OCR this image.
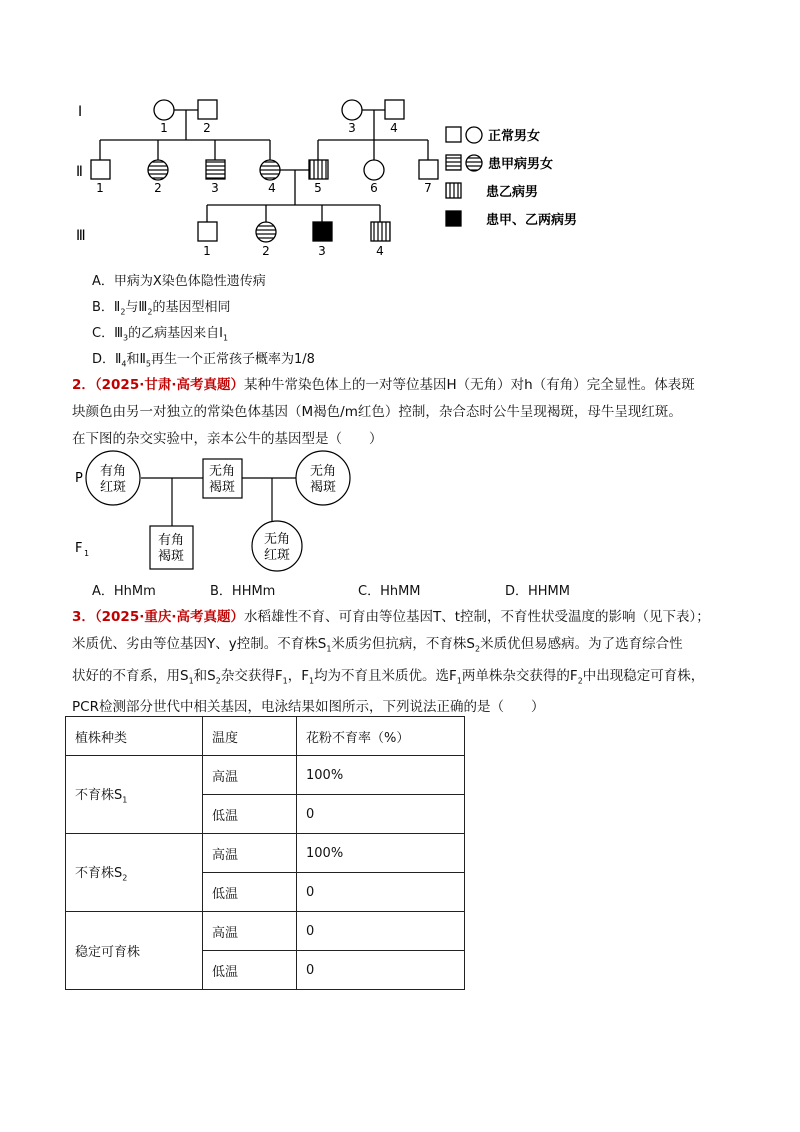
Ⅰ
Ⅱ
Ⅲ
1	2	3	4
1	2	3	4	5	6	7
1	2	3	4
正常男女
患甲病男女
患乙病男
患甲、乙两病男
A．甲病为X染色体隐性遗传病
B．$Ⅱ_2$与$Ⅲ_2$的基因型相同
C．$Ⅲ_3$的乙病基因来自$Ⅰ_1$
D．$Ⅱ_4$和$Ⅱ_5$再生一个正常孩子概率为1/8
2．（2025·甘肃·高考真题）某种牛常染色体上的一对等位基因H（无角）对h（有角）完全显性。体表斑
块颜色由另一对独立的常染色体基因（M褐色/m红色）控制，杂合态时公牛呈现褐斑，母牛呈现红斑。
在下图的杂交实验中，亲本公牛的基因型是（　　）
有角
红斑
无角
褐斑
无角
褐斑
有角
褐斑
无角
红斑
P
F 1
A．HhMm	B．HHMm	C．HhMM	D．HHMM
3．（2025·重庆·高考真题）水稻雄性不育、可育由等位基因T、t控制，不育性状受温度的影响（见下表）；
米质优、劣由等位基因Y、y控制。不育株$S_1$米质劣但抗病，不育株$S_2$米质优但易感病。为了选育综合性
状好的不育系，用$S_1$和$S_2$杂交获得$F_1$，$F_1$均为不育且米质优。选$F_1$两单株杂交获得的$F_2$中出现稳定可育株，
PCR检测部分世代中相关基因，电泳结果如图所示，下列说法正确的是（　　）
植株种类	温度	花粉不育率（%）
不育株$S_1$	高温	100%
	低温	0
不育株$S_2$	高温	100%
	低温	0
稳定可育株	高温	0
	低温	0
